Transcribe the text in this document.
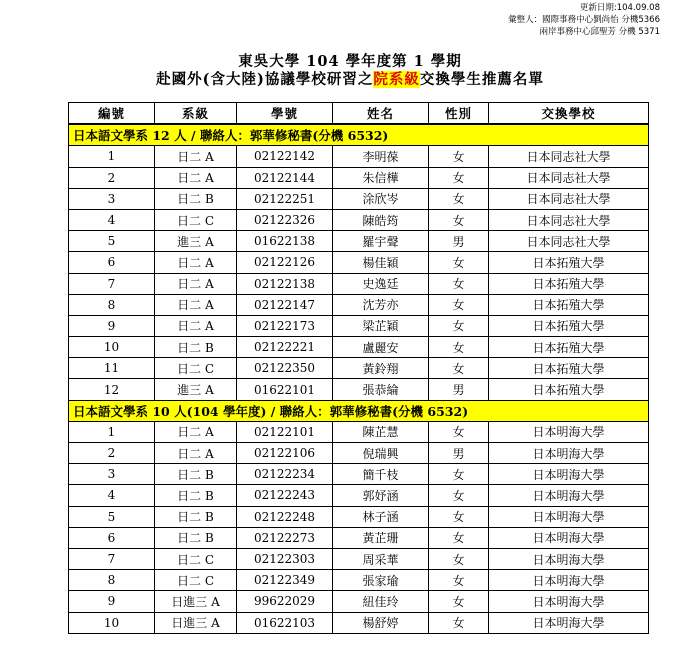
更新日期:104.09.08
彙整人：國際事務中心劉尚怡 分機5366
兩岸事務中心邱聖芳 分機 5371
東吳大學 104 學年度第 1 學期
赴國外(含大陸)協議學校研習之院系級交換學生推薦名單
編號	系級	學號	姓名	性別	交換學校
日本語文學系 12 人 / 聯絡人：郭華修秘書(分機 6532)					
1	日二 A	02122142	李明葆	女	日本同志社大學
2	日二 A	02122144	朱信樺	女	日本同志社大學
3	日二 B	02122251	涂欣岑	女	日本同志社大學
4	日二 C	02122326	陳皓筠	女	日本同志社大學
5	進三 A	01622138	羅宇聲	男	日本同志社大學
6	日二 A	02122126	楊佳穎	女	日本拓殖大學
7	日二 A	02122138	史逸廷	女	日本拓殖大學
8	日二 A	02122147	沈芳亦	女	日本拓殖大學
9	日二 A	02122173	梁芷穎	女	日本拓殖大學
10	日二 B	02122221	盧麗安	女	日本拓殖大學
11	日二 C	02122350	黃鈴翔	女	日本拓殖大學
12	進三 A	01622101	張恭綸	男	日本拓殖大學
日本語文學系 10 人(104 學年度) / 聯絡人：郭華修秘書(分機 6532)					
1	日二 A	02122101	陳芷慧	女	日本明海大學
2	日二 A	02122106	倪瑞興	男	日本明海大學
3	日二 B	02122234	簡千枝	女	日本明海大學
4	日二 B	02122243	郭妤涵	女	日本明海大學
5	日二 B	02122248	林子涵	女	日本明海大學
6	日二 B	02122273	黃芷珊	女	日本明海大學
7	日二 C	02122303	周采華	女	日本明海大學
8	日二 C	02122349	張家瑜	女	日本明海大學
9	日進三 A	99622029	紐佳玲	女	日本明海大學
10	日進三 A	01622103	楊舒婷	女	日本明海大學
